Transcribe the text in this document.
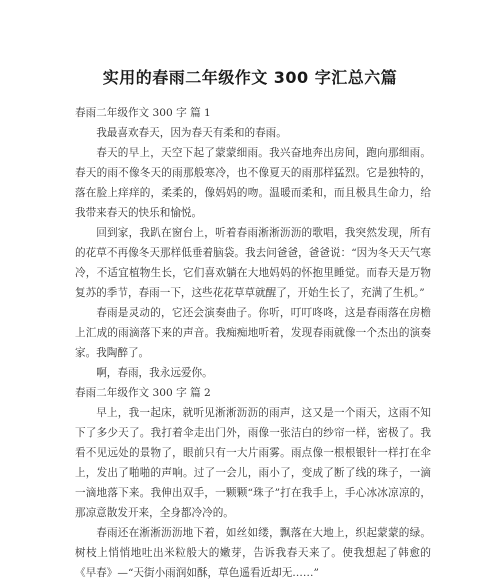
实用的春雨二年级作文 300 字汇总六篇

春雨二年级作文 300 字 篇 1

我最喜欢春天，因为春天有柔和的春雨。

春天的早上，天空下起了蒙蒙细雨。我兴奋地奔出房间，跑向那细雨。春天的雨不像冬天的雨那般寒冷，也不像夏天的雨那样猛烈。它是独特的，落在脸上痒痒的，柔柔的，像妈妈的吻。温暖而柔和，而且极具生命力，给我带来春天的快乐和愉悦。

回到家，我趴在窗台上，听着春雨淅淅沥沥的歌唱，我突然发现，所有的花草不再像冬天那样低垂着脑袋。我去问爸爸，爸爸说：“因为冬天天气寒冷，不适宜植物生长，它们喜欢躺在大地妈妈的怀抱里睡觉。而春天是万物复苏的季节，春雨一下，这些花花草草就醒了，开始生长了，充满了生机。”

春雨是灵动的，它还会演奏曲子。你听，叮叮咚咚，这是春雨落在房檐上汇成的雨滴落下来的声音。我痴痴地听着，发现春雨就像一个杰出的演奏家。我陶醉了。

啊，春雨，我永远爱你。

春雨二年级作文 300 字 篇 2

早上，我一起床，就听见淅淅沥沥的雨声，这又是一个雨天，这雨不知下了多少天了。我打着伞走出门外，雨像一张洁白的纱帘一样，密极了。我看不见远处的景物了，眼前只有一大片雨雾。雨点像一根根银针一样打在伞上，发出了啪啪的声响。过了一会儿，雨小了，变成了断了线的珠子，一滴一滴地落下来。我伸出双手，一颗颗“珠子”打在我手上，手心冰冰凉凉的，那凉意散发开来，全身都冷冷的。

春雨还在淅淅沥沥地下着，如丝如缕，飘落在大地上，织起蒙蒙的绿。树枝上悄悄地吐出米粒般大的嫩芽，告诉我春天来了。使我想起了韩愈的《早春》—“天街小雨润如酥，草色遥看近却无……”
